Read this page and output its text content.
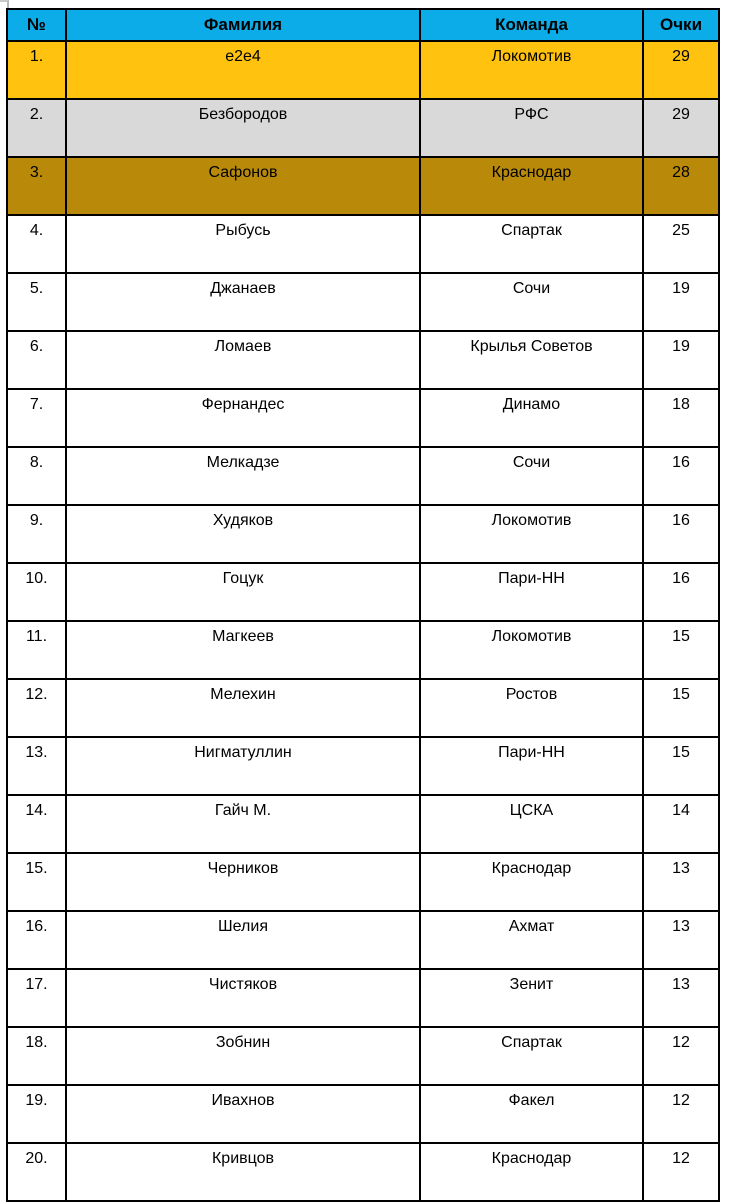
№	Фамилия	Команда	Очки
1.	e2e4	Локомотив	29
2.	Безбородов	РФС	29
3.	Сафонов	Краснодар	28
4.	Рыбусь	Спартак	25
5.	Джанаев	Сочи	19
6.	Ломаев	Крылья Советов	19
7.	Фернандес	Динамо	18
8.	Мелкадзе	Сочи	16
9.	Худяков	Локомотив	16
10.	Гоцук	Пари-НН	16
11.	Магкеев	Локомотив	15
12.	Мелехин	Ростов	15
13.	Нигматуллин	Пари-НН	15
14.	Гайч М.	ЦСКА	14
15.	Черников	Краснодар	13
16.	Шелия	Ахмат	13
17.	Чистяков	Зенит	13
18.	Зобнин	Спартак	12
19.	Ивахнов	Факел	12
20.	Кривцов	Краснодар	12
